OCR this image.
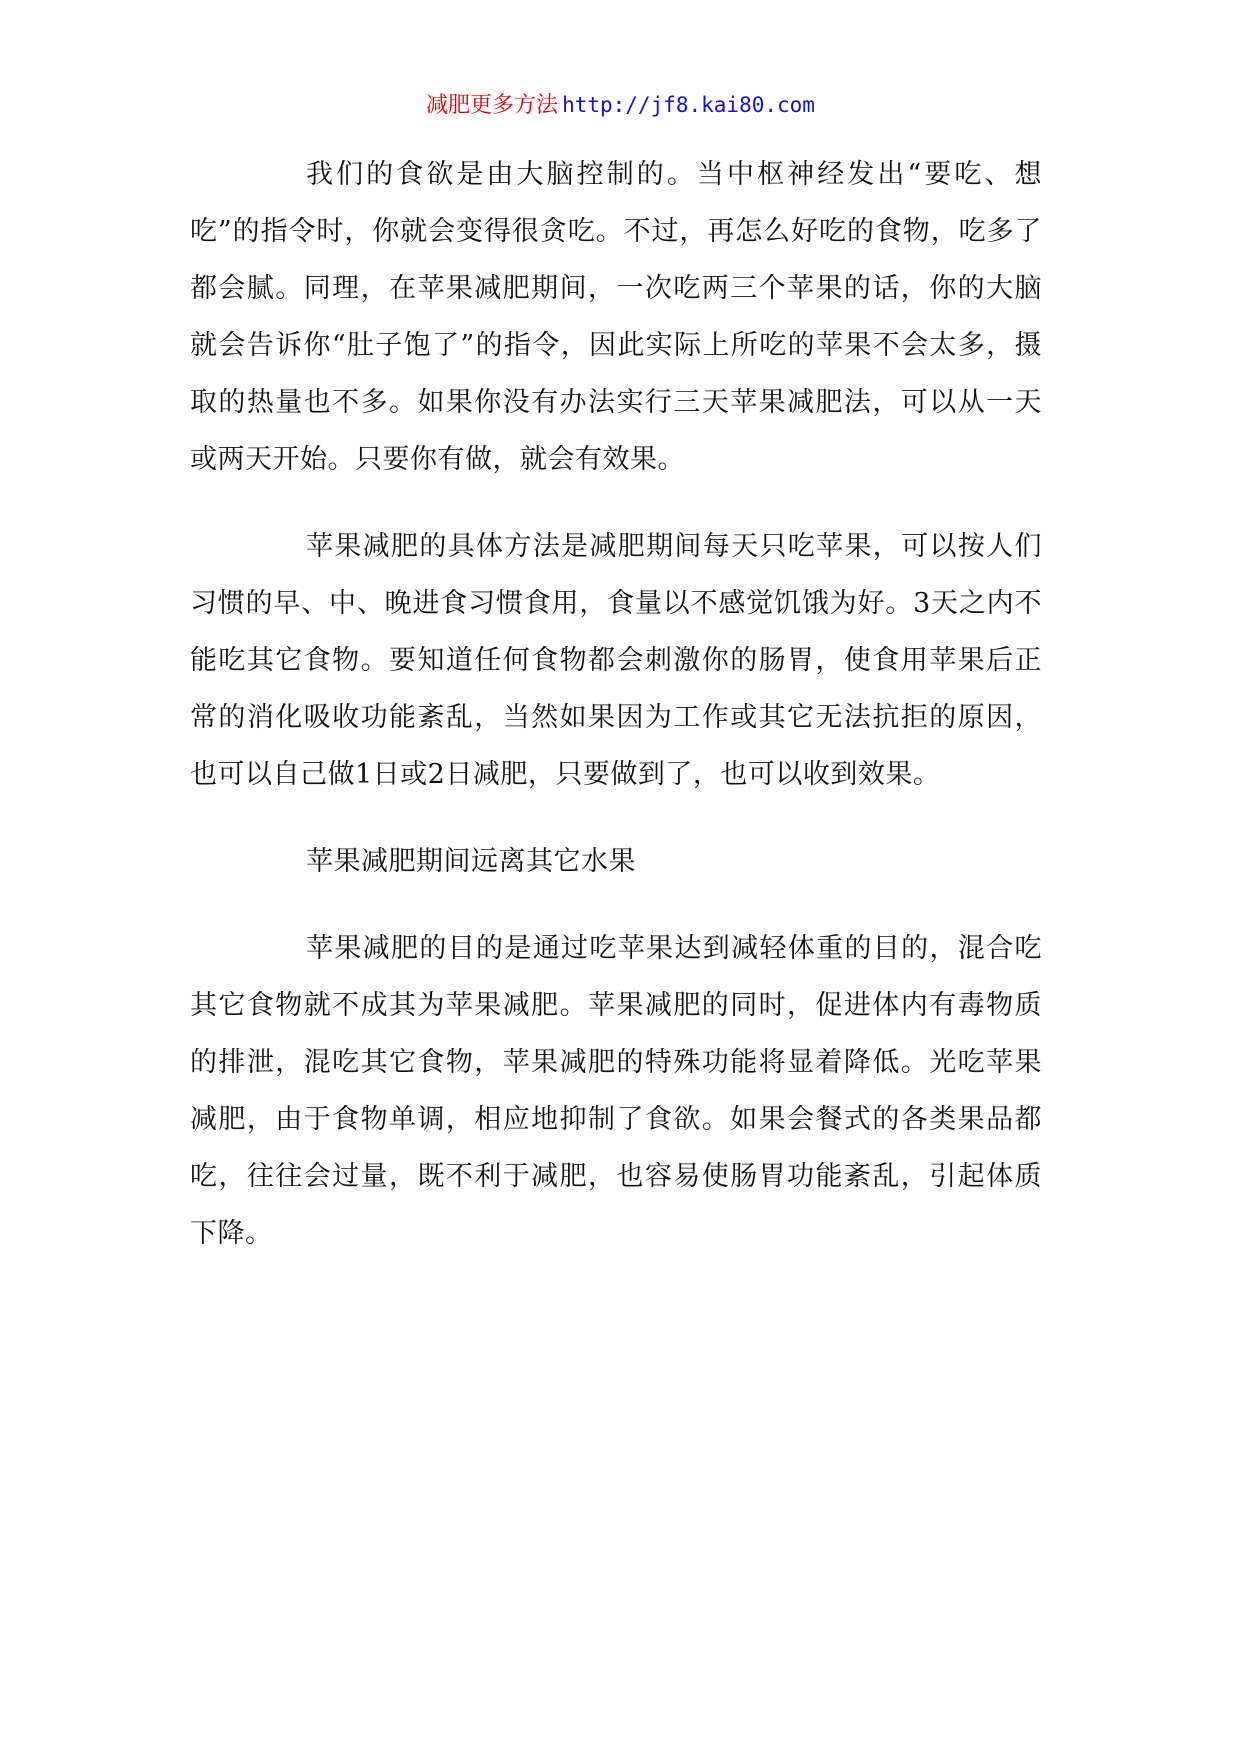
减肥更多方法 http://jf8.kai80.com

我们的食欲是由大脑控制的。当中枢神经发出“要吃、想吃”的指令时，你就会变得很贪吃。不过，再怎么好吃的食物，吃多了都会腻。同理，在苹果减肥期间，一次吃两三个苹果的话，你的大脑就会告诉你“肚子饱了”的指令，因此实际上所吃的苹果不会太多，摄取的热量也不多。如果你没有办法实行三天苹果减肥法，可以从一天或两天开始。只要你有做，就会有效果。

苹果减肥的具体方法是减肥期间每天只吃苹果，可以按人们习惯的早、中、晚进食习惯食用，食量以不感觉饥饿为好。3天之内不能吃其它食物。要知道任何食物都会刺激你的肠胃，使食用苹果后正常的消化吸收功能紊乱，当然如果因为工作或其它无法抗拒的原因，也可以自己做1日或2日减肥，只要做到了，也可以收到效果。

苹果减肥期间远离其它水果

苹果减肥的目的是通过吃苹果达到减轻体重的目的，混合吃其它食物就不成其为苹果减肥。苹果减肥的同时，促进体内有毒物质的排泄，混吃其它食物，苹果减肥的特殊功能将显着降低。光吃苹果减肥，由于食物单调，相应地抑制了食欲。如果会餐式的各类果品都吃，往往会过量，既不利于减肥，也容易使肠胃功能紊乱，引起体质下降。
